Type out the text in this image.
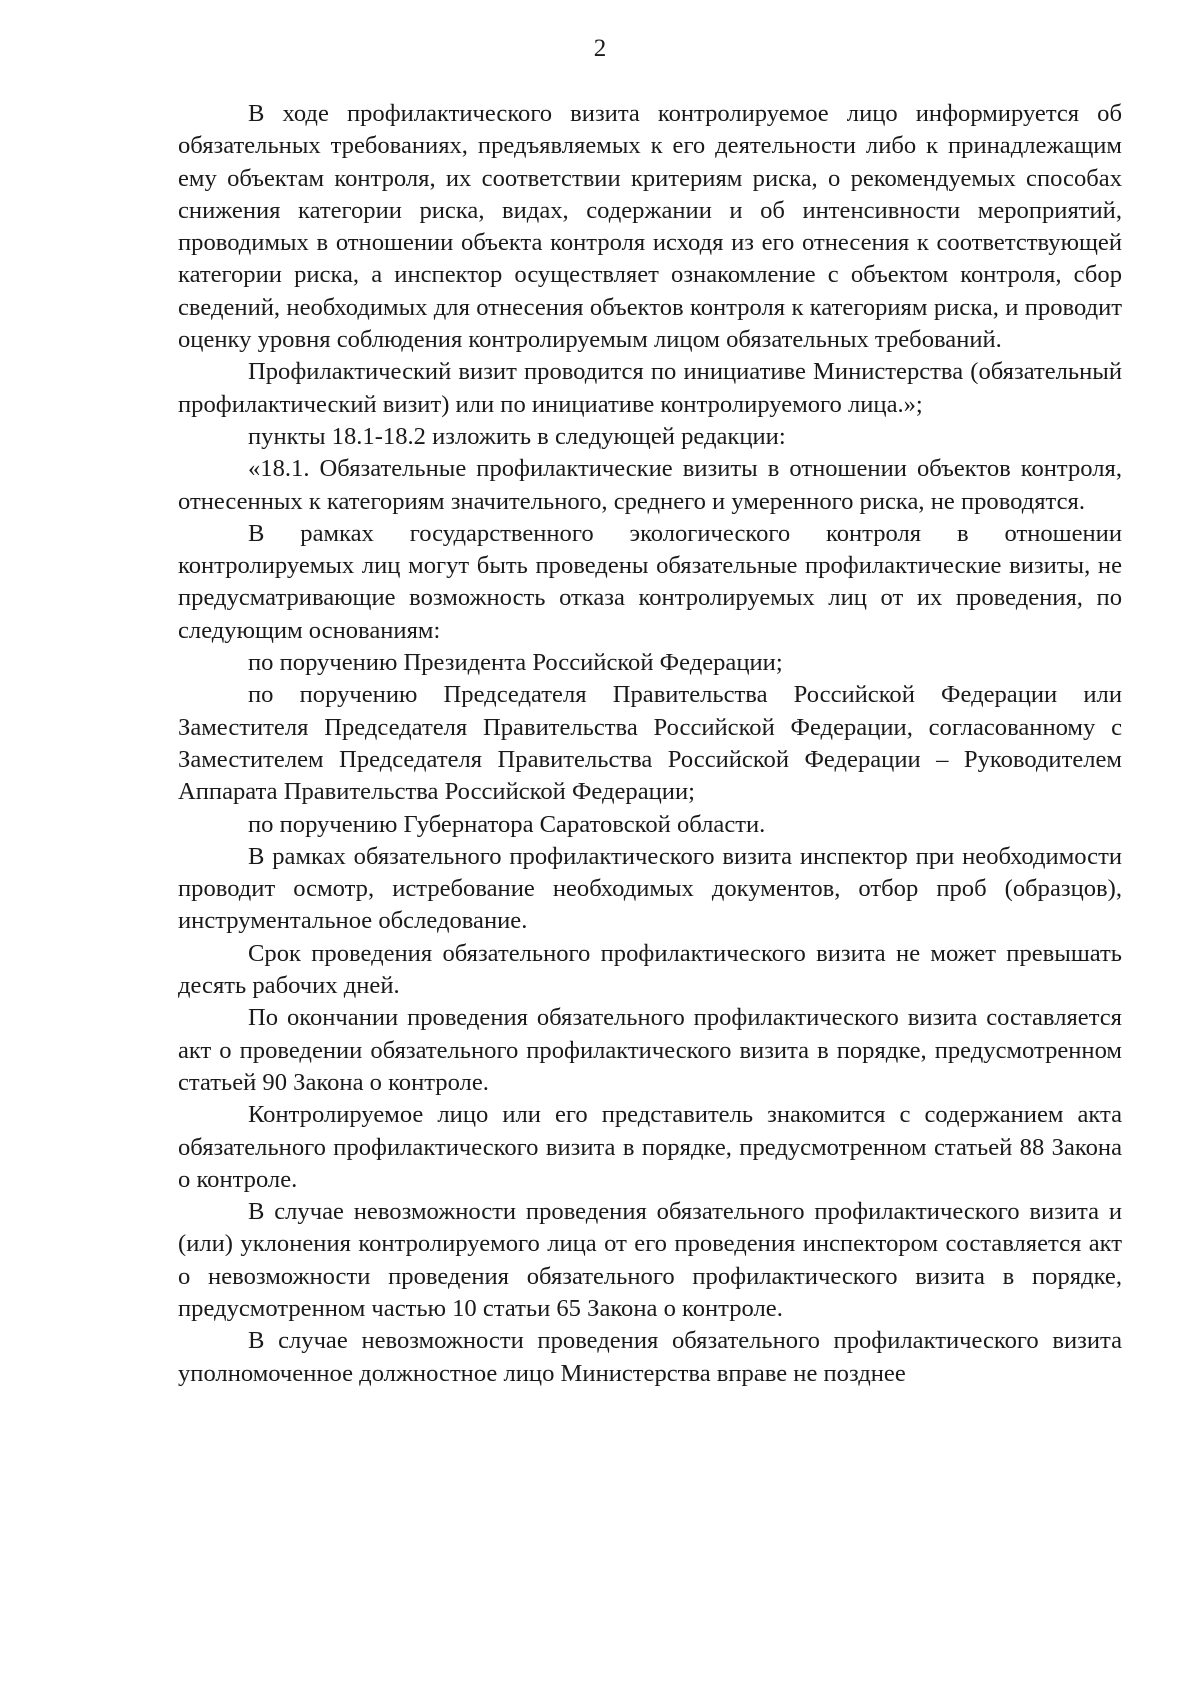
2

В ходе профилактического визита контролируемое лицо информируется об обязательных требованиях, предъявляемых к его деятельности либо к принадлежащим ему объектам контроля, их соответствии критериям риска, о рекомендуемых способах снижения категории риска, видах, содержании и об интенсивности мероприятий, проводимых в отношении объекта контроля исходя из его отнесения к соответствующей категории риска, а инспектор осуществляет ознакомление с объектом контроля, сбор сведений, необходимых для отнесения объектов контроля к категориям риска, и проводит оценку уровня соблюдения контролируемым лицом обязательных требований.

Профилактический визит проводится по инициативе Министерства (обязательный профилактический визит) или по инициативе контролируемого лица.»;

пункты 18.1-18.2 изложить в следующей редакции:

«18.1. Обязательные профилактические визиты в отношении объектов контроля, отнесенных к категориям значительного, среднего и умеренного риска, не проводятся.

В рамках государственного экологического контроля в отношении контролируемых лиц могут быть проведены обязательные профилактические визиты, не предусматривающие возможность отказа контролируемых лиц от их проведения, по следующим основаниям:

по поручению Президента Российской Федерации;

по поручению Председателя Правительства Российской Федерации или Заместителя Председателя Правительства Российской Федерации, согласованному с Заместителем Председателя Правительства Российской Федерации – Руководителем Аппарата Правительства Российской Федерации;

по поручению Губернатора Саратовской области.

В рамках обязательного профилактического визита инспектор при необходимости проводит осмотр, истребование необходимых документов, отбор проб (образцов), инструментальное обследование.

Срок проведения обязательного профилактического визита не может превышать десять рабочих дней.

По окончании проведения обязательного профилактического визита составляется акт о проведении обязательного профилактического визита в порядке, предусмотренном статьей 90 Закона о контроле.

Контролируемое лицо или его представитель знакомится с содержанием акта обязательного профилактического визита в порядке, предусмотренном статьей 88 Закона о контроле.

В случае невозможности проведения обязательного профилактического визита и (или) уклонения контролируемого лица от его проведения инспектором составляется акт о невозможности проведения обязательного профилактического визита в порядке, предусмотренном частью 10 статьи 65 Закона о контроле.

В случае невозможности проведения обязательного профилактического визита уполномоченное должностное лицо Министерства вправе не позднее
